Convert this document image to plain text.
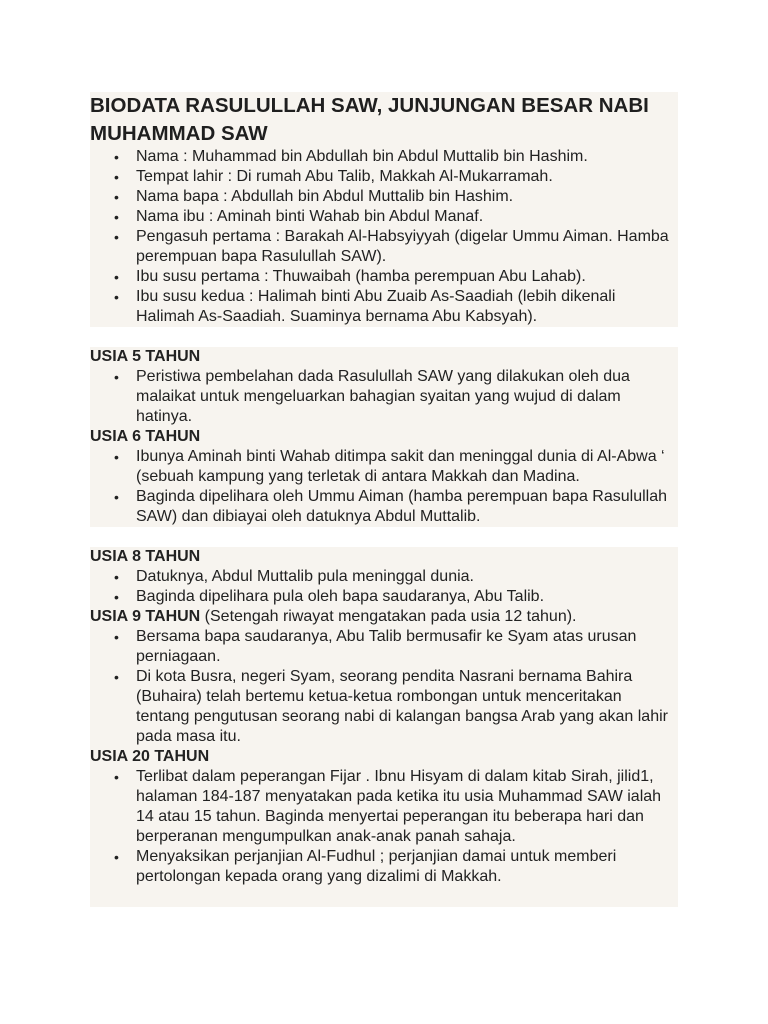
BIODATA RASULULLAH SAW, JUNJUNGAN BESAR NABI MUHAMMAD SAW
• Nama : Muhammad bin Abdullah bin Abdul Muttalib bin Hashim.
• Tempat lahir : Di rumah Abu Talib, Makkah Al-Mukarramah.
• Nama bapa : Abdullah bin Abdul Muttalib bin Hashim.
• Nama ibu : Aminah binti Wahab bin Abdul Manaf.
• Pengasuh pertama : Barakah Al-Habsyiyyah (digelar Ummu Aiman. Hamba perempuan bapa Rasulullah SAW).
• Ibu susu pertama : Thuwaibah (hamba perempuan Abu Lahab).
• Ibu susu kedua : Halimah binti Abu Zuaib As-Saadiah (lebih dikenali Halimah As-Saadiah. Suaminya bernama Abu Kabsyah).
USIA 5 TAHUN
• Peristiwa pembelahan dada Rasulullah SAW yang dilakukan oleh dua malaikat untuk mengeluarkan bahagian syaitan yang wujud di dalam hatinya.
USIA 6 TAHUN
• Ibunya Aminah binti Wahab ditimpa sakit dan meninggal dunia di Al-Abwa ‘ (sebuah kampung yang terletak di antara Makkah dan Madina.
• Baginda dipelihara oleh Ummu Aiman (hamba perempuan bapa Rasulullah SAW) dan dibiayai oleh datuknya Abdul Muttalib.
USIA 8 TAHUN
• Datuknya, Abdul Muttalib pula meninggal dunia.
• Baginda dipelihara pula oleh bapa saudaranya, Abu Talib.
USIA 9 TAHUN (Setengah riwayat mengatakan pada usia 12 tahun).
• Bersama bapa saudaranya, Abu Talib bermusafir ke Syam atas urusan perniagaan.
• Di kota Busra, negeri Syam, seorang pendita Nasrani bernama Bahira (Buhaira) telah bertemu ketua-ketua rombongan untuk menceritakan tentang pengutusan seorang nabi di kalangan bangsa Arab yang akan lahir pada masa itu.
USIA 20 TAHUN
• Terlibat dalam peperangan Fijar . Ibnu Hisyam di dalam kitab Sirah, jilid1, halaman 184-187 menyatakan pada ketika itu usia Muhammad SAW ialah 14 atau 15 tahun. Baginda menyertai peperangan itu beberapa hari dan berperanan mengumpulkan anak-anak panah sahaja.
• Menyaksikan perjanjian Al-Fudhul ; perjanjian damai untuk memberi pertolongan kepada orang yang dizalimi di Makkah.
